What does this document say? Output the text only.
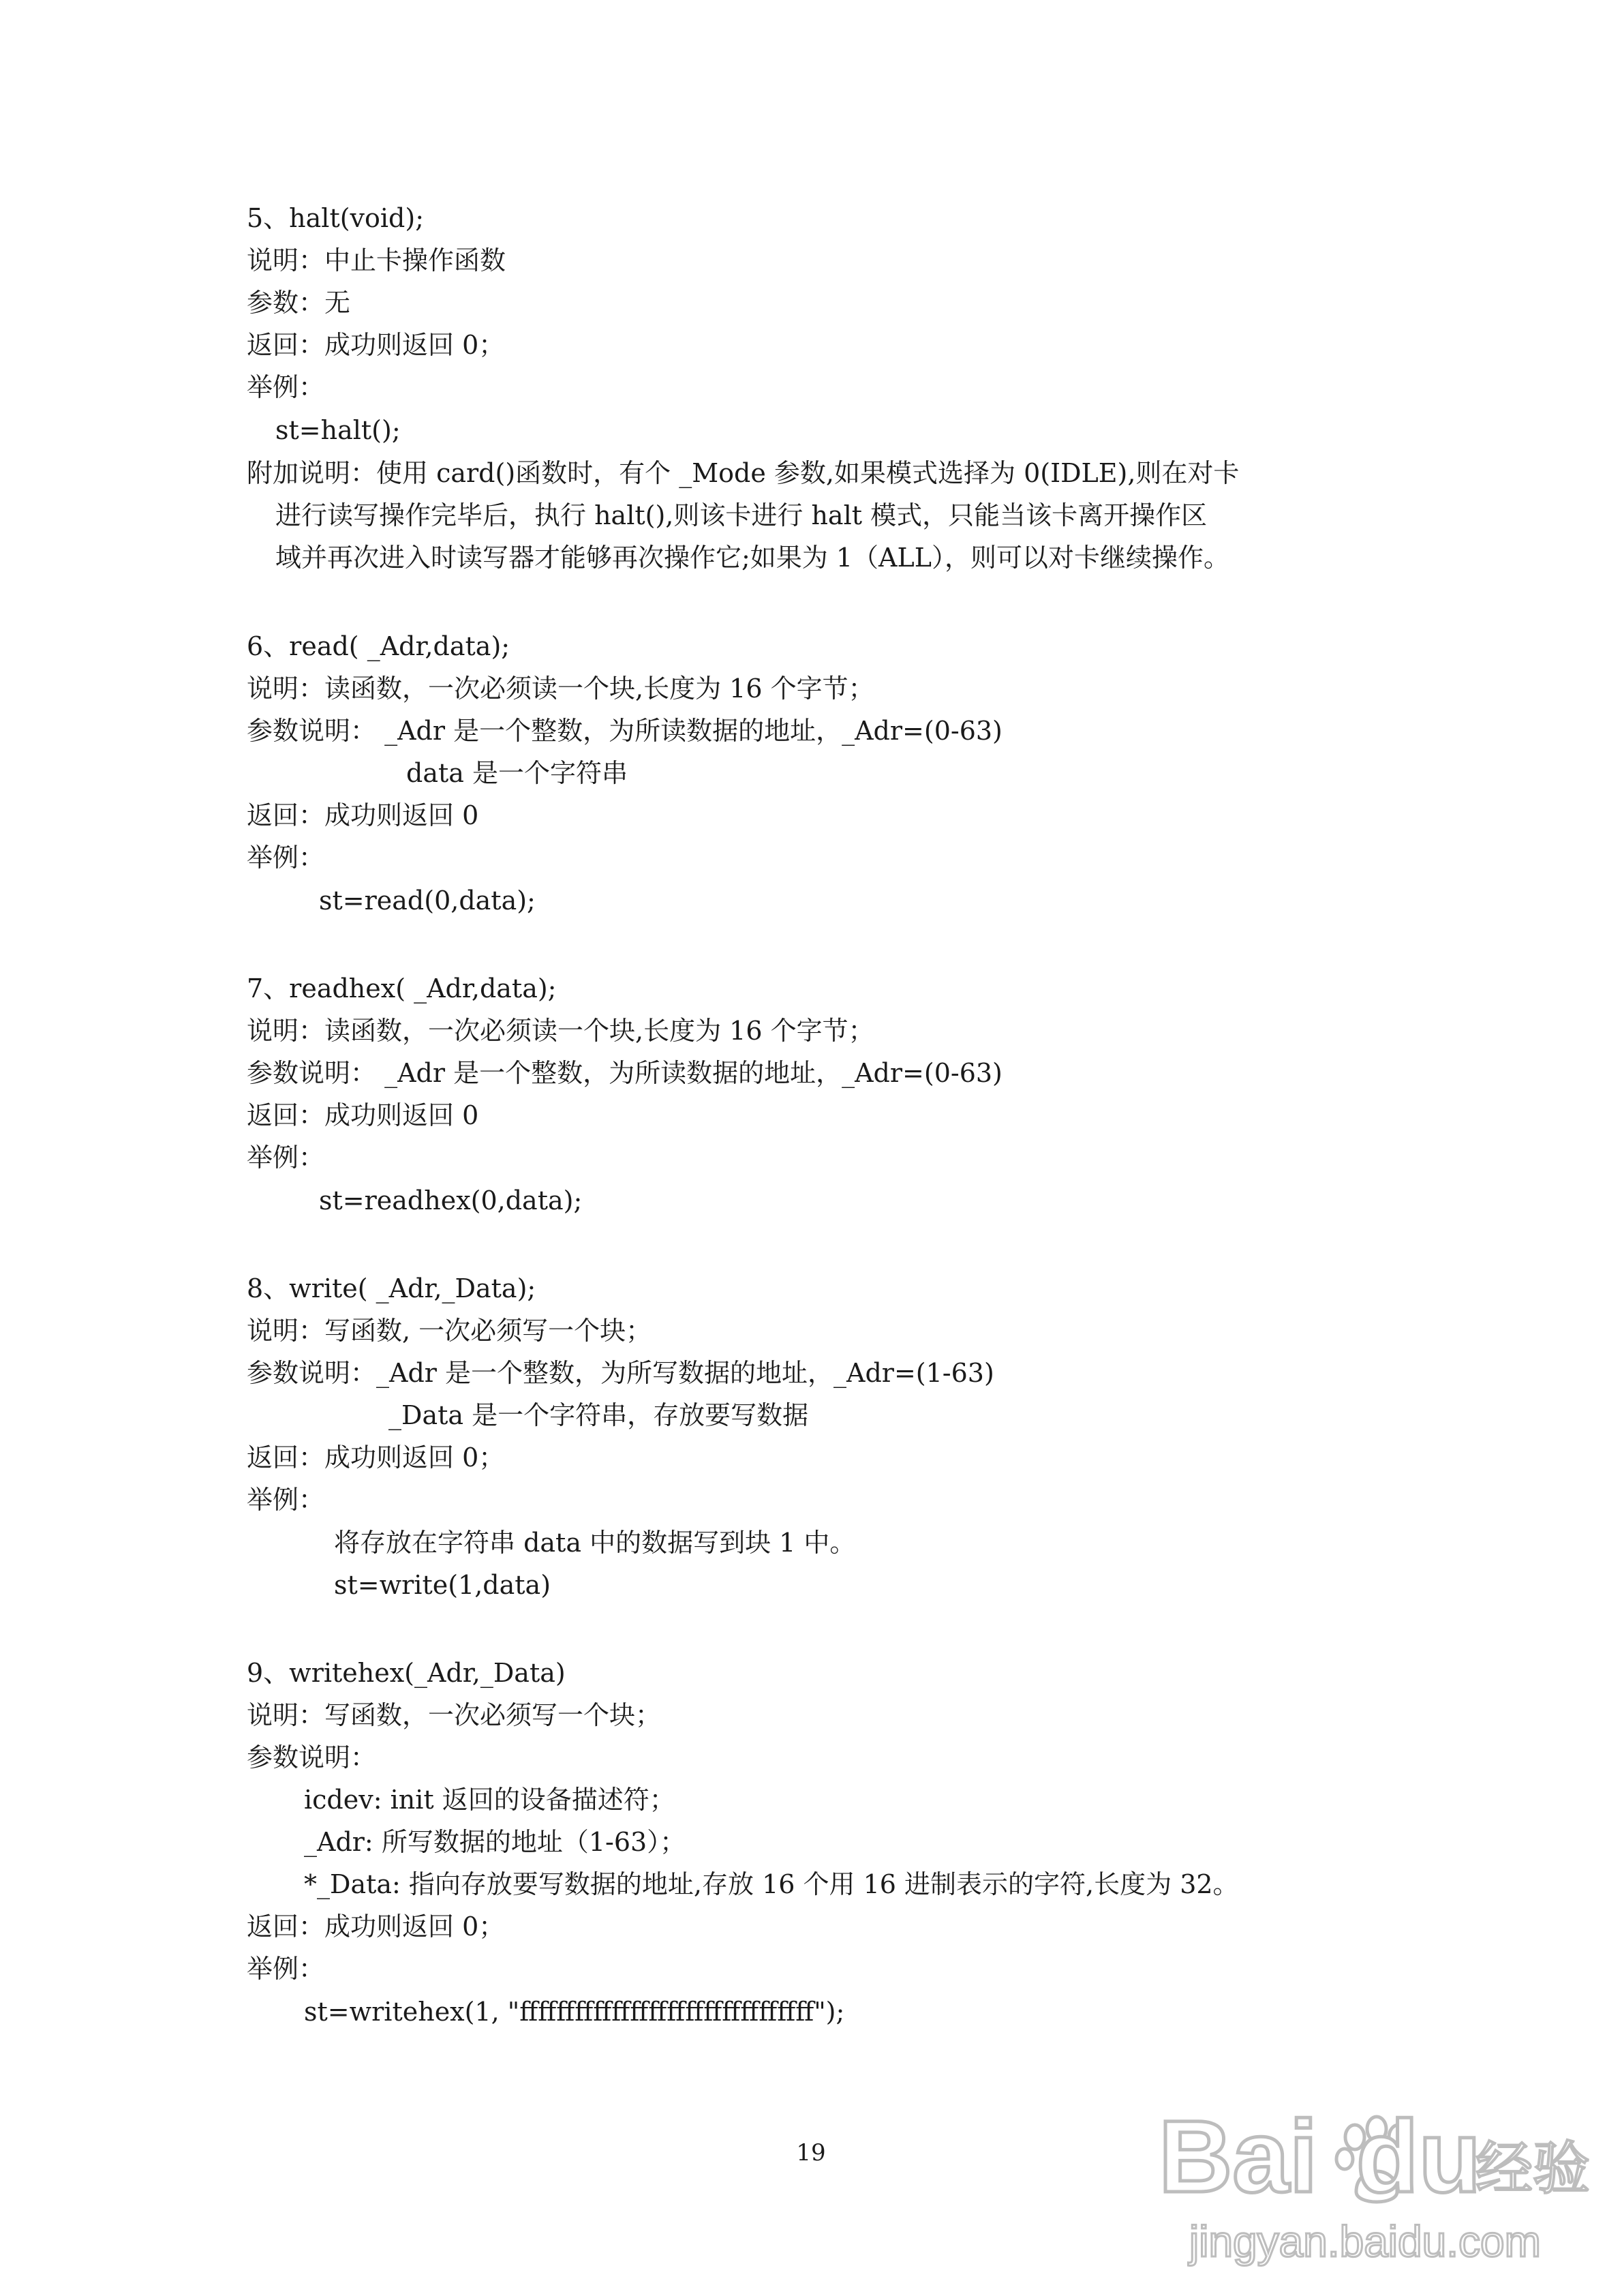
5、halt(void);
说明：中止卡操作函数
参数：无
返回：成功则返回 0；
举例：
st=halt();
附加说明：使用 card()函数时，有个 _Mode 参数,如果模式选择为 0(IDLE),则在对卡
进行读写操作完毕后，执行 halt(),则该卡进行 halt 模式，只能当该卡离开操作区
域并再次进入时读写器才能够再次操作它;如果为 1（ALL），则可以对卡继续操作。
6、read( _Adr,data);
说明：读函数，一次必须读一个块,长度为 16 个字节；
参数说明： _Adr 是一个整数，为所读数据的地址，_Adr=(0-63)
data 是一个字符串
返回：成功则返回 0
举例：
st=read(0,data);
7、readhex( _Adr,data);
说明：读函数，一次必须读一个块,长度为 16 个字节；
参数说明： _Adr 是一个整数，为所读数据的地址，_Adr=(0-63)
返回：成功则返回 0
举例：
st=readhex(0,data);
8、write( _Adr,_Data);
说明：写函数, 一次必须写一个块；
参数说明：_Adr 是一个整数，为所写数据的地址，_Adr=(1-63)
_Data 是一个字符串，存放要写数据
返回：成功则返回 0；
举例：
将存放在字符串 data 中的数据写到块 1 中。
st=write(1,data)
9、writehex(_Adr,_Data)
说明：写函数，一次必须写一个块；
参数说明：
icdev: init 返回的设备描述符；
_Adr: 所写数据的地址（1-63）；
*_Data: 指向存放要写数据的地址,存放 16 个用 16 进制表示的字符,长度为 32。
返回：成功则返回 0；
举例：
st=writehex(1, "ffffffffffffffffffffffffffffffff");
19	Bai du
经验
jingyan.baidu.com
